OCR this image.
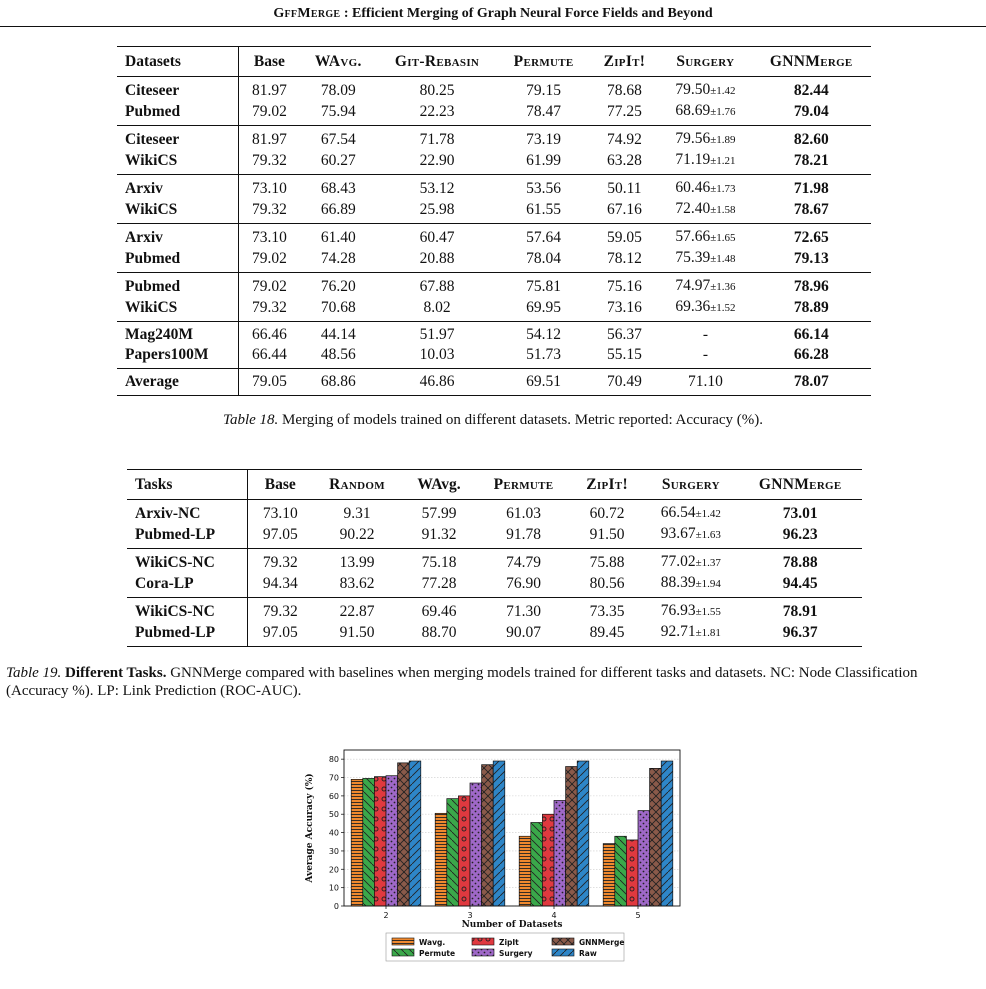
GffMerge : Efficient Merging of Graph Neural Force Fields and Beyond
Datasets	Base	WAvg.	Git-Rebasin	Permute	ZipIt!	Surgery	GNNMerge
Citeseer	81.97	78.09	80.25	79.15	78.68	79.50±1.42	82.44
Pubmed	79.02	75.94	22.23	78.47	77.25	68.69±1.76	79.04
Citeseer	81.97	67.54	71.78	73.19	74.92	79.56±1.89	82.60
WikiCS	79.32	60.27	22.90	61.99	63.28	71.19±1.21	78.21
Arxiv	73.10	68.43	53.12	53.56	50.11	60.46±1.73	71.98
WikiCS	79.32	66.89	25.98	61.55	67.16	72.40±1.58	78.67
Arxiv	73.10	61.40	60.47	57.64	59.05	57.66±1.65	72.65
Pubmed	79.02	74.28	20.88	78.04	78.12	75.39±1.48	79.13
Pubmed	79.02	76.20	67.88	75.81	75.16	74.97±1.36	78.96
WikiCS	79.32	70.68	8.02	69.95	73.16	69.36±1.52	78.89
Mag240M	66.46	44.14	51.97	54.12	56.37	-	66.14
Papers100M	66.44	48.56	10.03	51.73	55.15	-	66.28
Average	79.05	68.86	46.86	69.51	70.49	71.10	78.07
Table 18. Merging of models trained on different datasets. Metric reported: Accuracy (%).
Tasks	Base	Random	WAvg.	Permute	ZipIt!	Surgery	GNNMerge
Arxiv-NC	73.10	9.31	57.99	61.03	60.72	66.54±1.42	73.01
Pubmed-LP	97.05	90.22	91.32	91.78	91.50	93.67±1.63	96.23
WikiCS-NC	79.32	13.99	75.18	74.79	75.88	77.02±1.37	78.88
Cora-LP	94.34	83.62	77.28	76.90	80.56	88.39±1.94	94.45
WikiCS-NC	79.32	22.87	69.46	71.30	73.35	76.93±1.55	78.91
Pubmed-LP	97.05	91.50	88.70	90.07	89.45	92.71±1.81	96.37
Table 19. Different Tasks. GNNMerge compared with baselines when merging models trained for different tasks and datasets. NC: Node Classification (Accuracy %). LP: Link Prediction (ROC-AUC).
0
10
20
30
40
50
60
70
80
2	3	4	5
Number of Datasets
Average Accuracy (%)
Wavg.
Permute
ZipIt
Surgery
GNNMerge
Raw
